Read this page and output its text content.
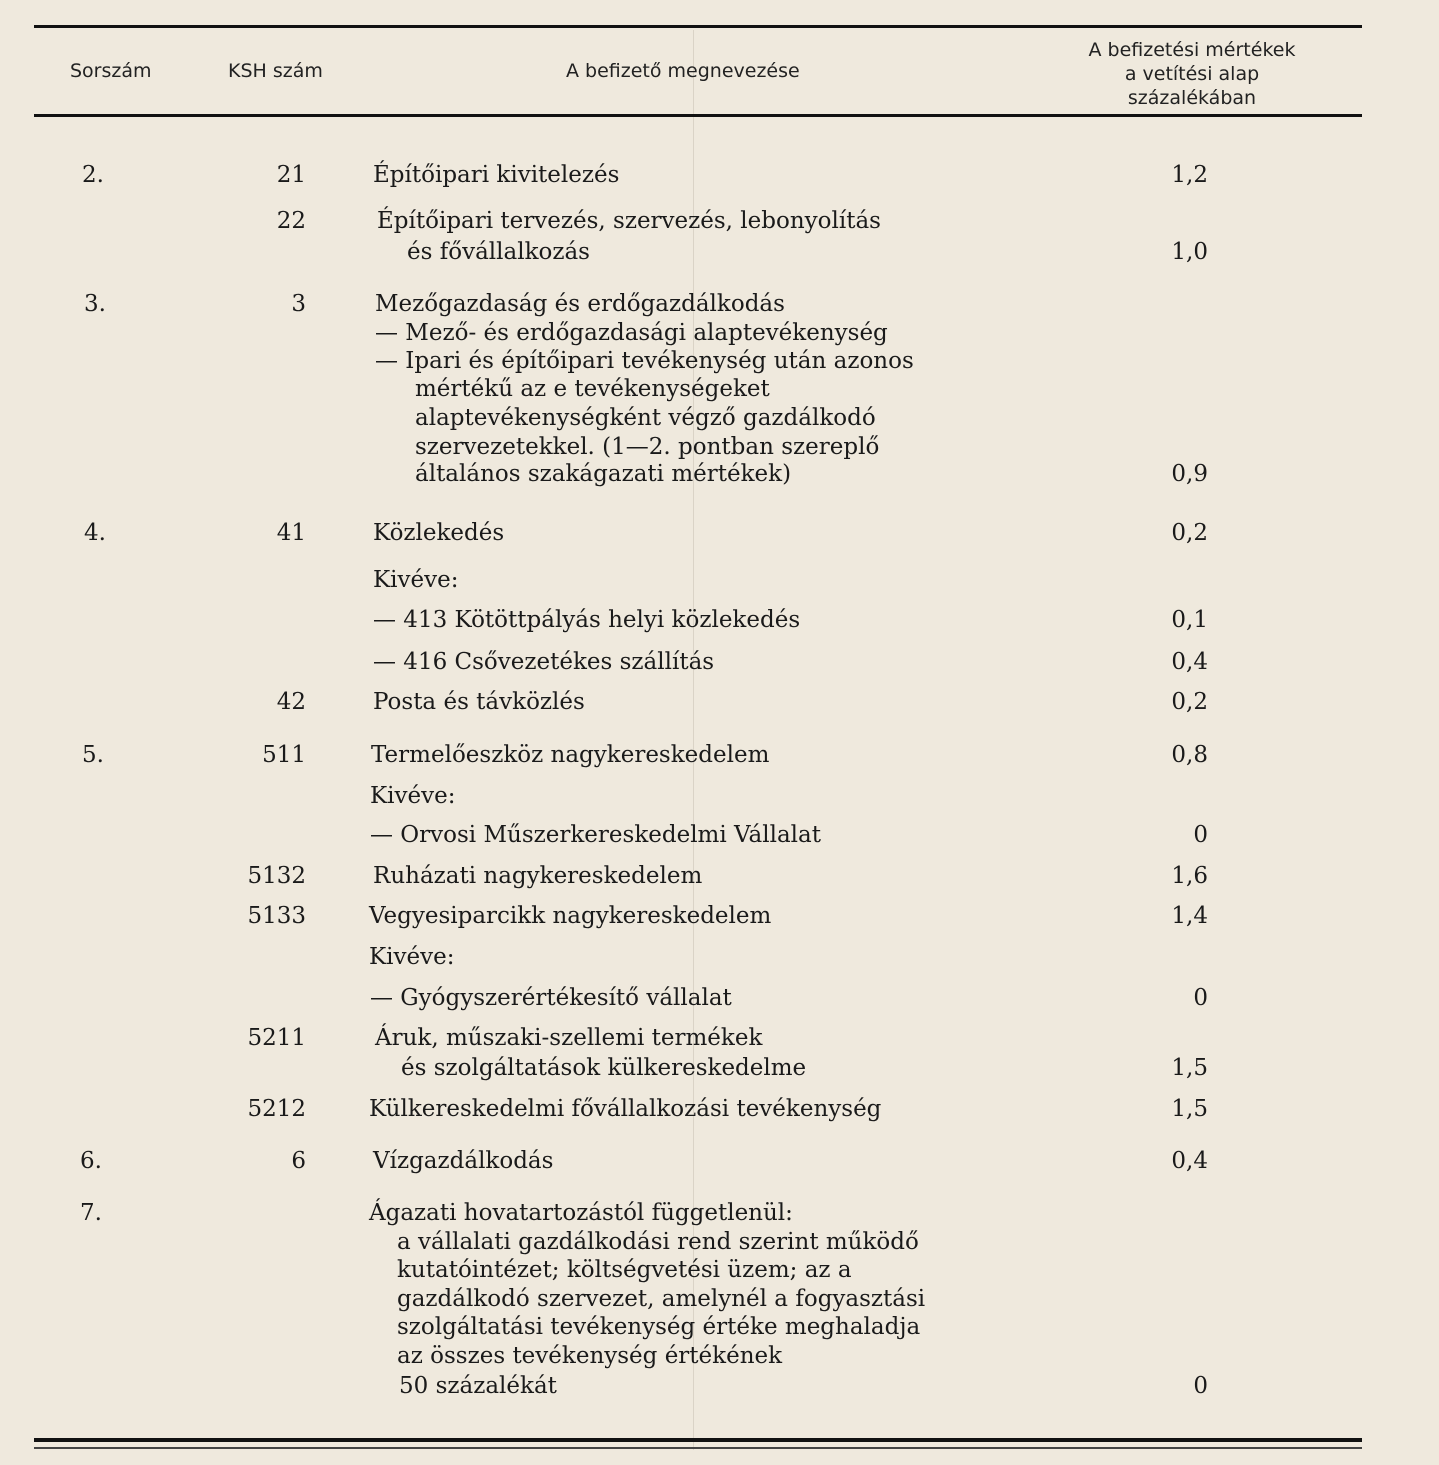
Sorszám	KSH szám	A befizető megnevezése
A befizetési mértékek
a vetítési alap
százalékában
2.	21	Építőipari kivitelezés	1,2
22	Építőipari tervezés, szervezés, lebonyolítás
és fővállalkozás	1,0
3.	3	Mezőgazdaság és erdőgazdálkodás
— Mező- és erdőgazdasági alaptevékenység
— Ipari és építőipari tevékenység után azonos
mértékű az e tevékenységeket
alaptevékenységként végző gazdálkodó
szervezetekkel. (1—2. pontban szereplő
általános szakágazati mértékek)	0,9
4.	41	Közlekedés	0,2
Kivéve:
— 413 Kötöttpályás helyi közlekedés	0,1
— 416 Csővezetékes szállítás	0,4
42	Posta és távközlés	0,2
5.	511	Termelőeszköz nagykereskedelem	0,8
Kivéve:
— Orvosi Műszerkereskedelmi Vállalat	0
5132	Ruházati nagykereskedelem	1,6
5133	Vegyesiparcikk nagykereskedelem	1,4
Kivéve:
— Gyógyszerértékesítő vállalat	0
5211	Áruk, műszaki-szellemi termékek
és szolgáltatások külkereskedelme	1,5
5212	Külkereskedelmi fővállalkozási tevékenység	1,5
6.	6	Vízgazdálkodás	0,4
7.	Ágazati hovatartozástól függetlenül:
a vállalati gazdálkodási rend szerint működő
kutatóintézet; költségvetési üzem; az a
gazdálkodó szervezet, amelynél a fogyasztási
szolgáltatási tevékenység értéke meghaladja
az összes tevékenység értékének
50 százalékát	0
